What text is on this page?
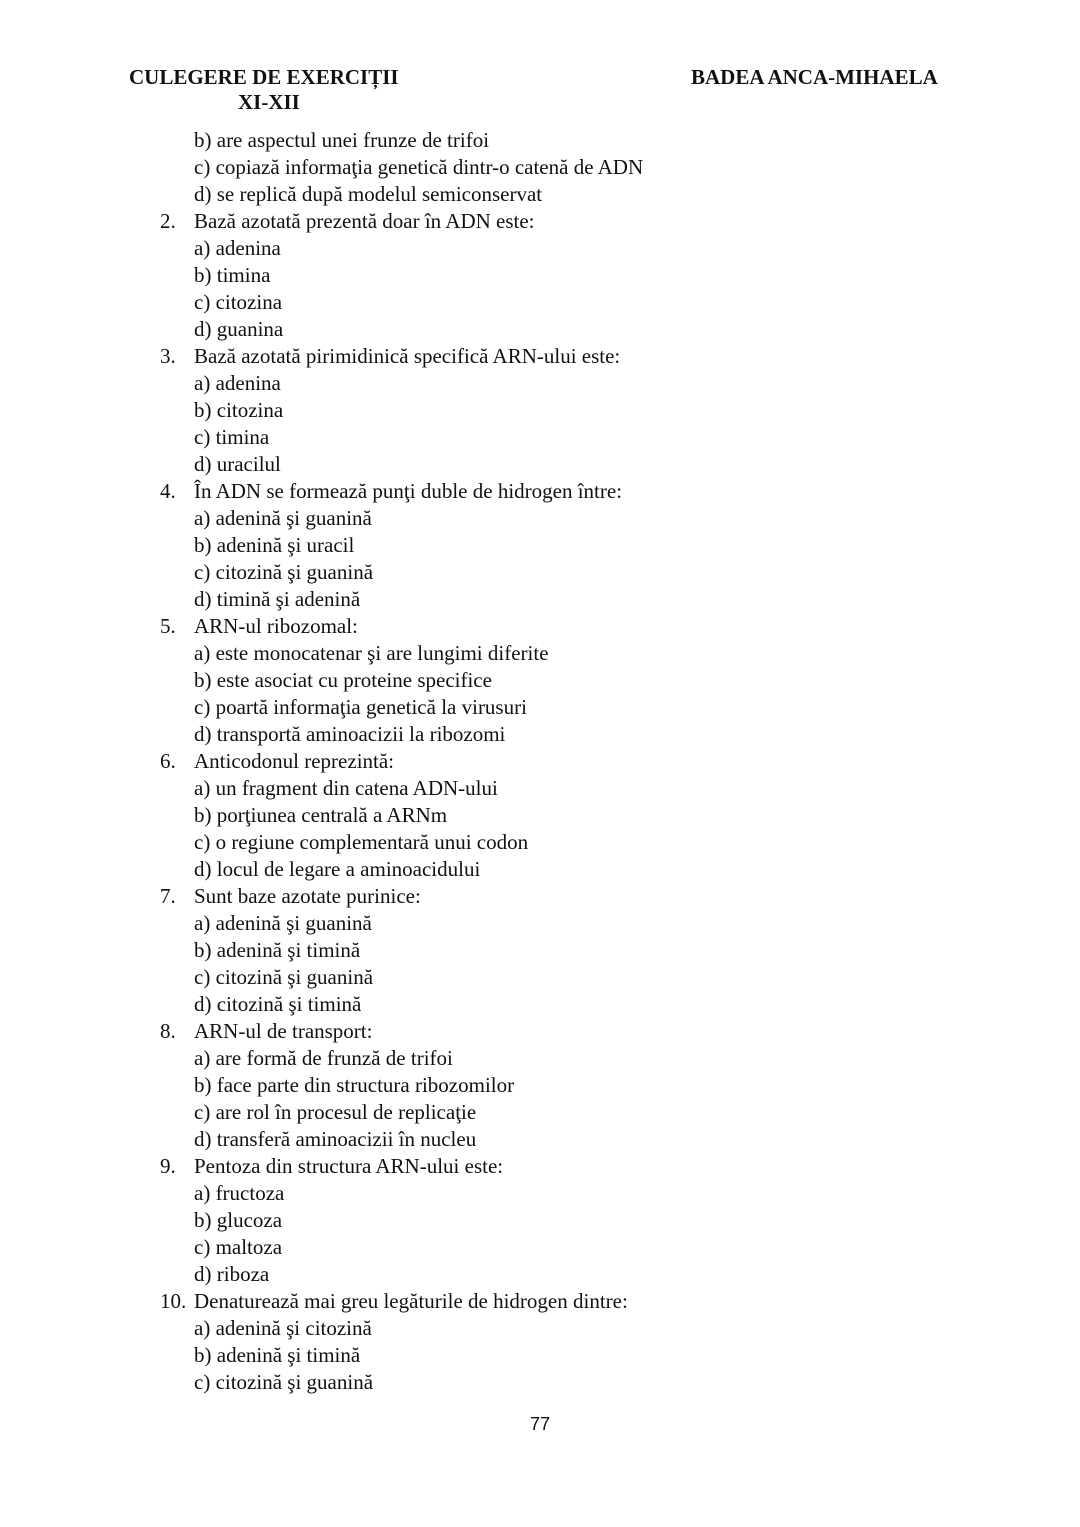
CULEGERE DE EXERCIȚII
XI-XII
BADEA ANCA-MIHAELA
b) are aspectul unei frunze de trifoi
c) copiază informaţia genetică dintr-o catenă de ADN
d) se replică după modelul semiconservat
2. Bază azotată prezentă doar în ADN este:
a) adenina
b) timina
c) citozina
d) guanina
3. Bază azotată pirimidinică specifică ARN-ului este:
a) adenina
b) citozina
c) timina
d) uracilul
4. În ADN se formează punţi duble de hidrogen între:
a) adenină şi guanină
b) adenină şi uracil
c) citozină şi guanină
d) timină şi adenină
5. ARN-ul ribozomal:
a) este monocatenar şi are lungimi diferite
b) este asociat cu proteine specifice
c) poartă informaţia genetică la virusuri
d) transportă aminoacizii la ribozomi
6. Anticodonul reprezintă:
a) un fragment din catena ADN-ului
b) porţiunea centrală a ARNm
c) o regiune complementară unui codon
d) locul de legare a aminoacidului
7. Sunt baze azotate purinice:
a) adenină şi guanină
b) adenină şi timină
c) citozină şi guanină
d) citozină şi timină
8. ARN-ul de transport:
a) are formă de frunză de trifoi
b) face parte din structura ribozomilor
c) are rol în procesul de replicaţie
d) transferă aminoacizii în nucleu
9. Pentoza din structura ARN-ului este:
a) fructoza
b) glucoza
c) maltoza
d) riboza
10. Denaturează mai greu legăturile de hidrogen dintre:
a) adenină şi citozină
b) adenină şi timină
c) citozină şi guanină
77
